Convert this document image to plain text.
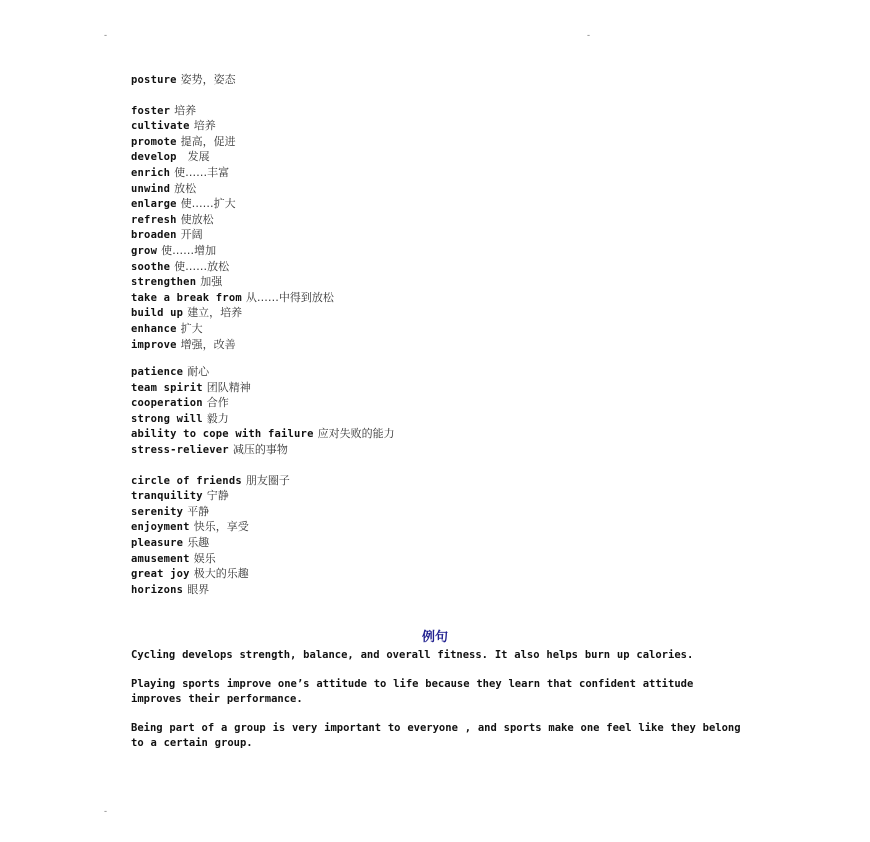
-	-
-
posture 姿势，姿态
foster 培养
cultivate 培养
promote 提高，促进
develop  发展
enrich 使……丰富
unwind 放松
enlarge 使……扩大
refresh 使放松
broaden 开阔
grow 使……增加
soothe 使……放松
strengthen 加强
take a break from 从……中得到放松
build up 建立，培养
enhance 扩大
improve 增强，改善
patience 耐心
team spirit 团队精神
cooperation 合作
strong will 毅力
ability to cope with failure 应对失败的能力
stress-reliever 减压的事物
circle of friends 朋友圈子
tranquility 宁静
serenity 平静
enjoyment 快乐，享受
pleasure 乐趣
amusement 娱乐
great joy 极大的乐趣
horizons 眼界
例句

Cycling develops strength, balance, and overall fitness. It also helps burn up calories.

Playing sports improve one’s attitude to life because they learn that confident attitude improves their performance.

Being part of a group is very important to everyone , and sports make one feel like they belong to a certain group.
